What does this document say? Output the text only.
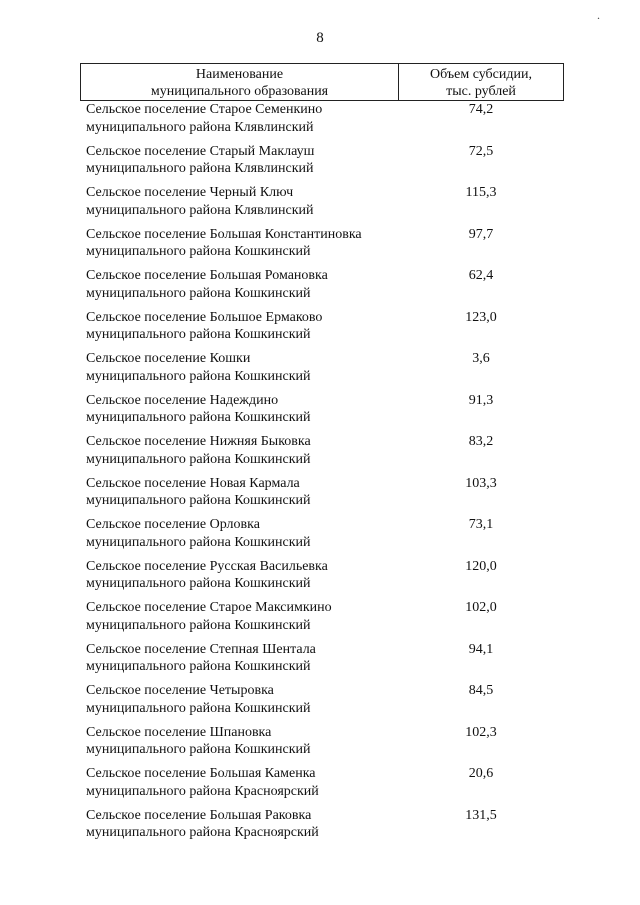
.
8
Наименование
муниципального образования
Объем субсидии,
тыс. рублей
Сельское поселение Старое Семенкино
муниципального района Клявлинский
74,2
Сельское поселение Старый Маклауш
муниципального района Клявлинский
72,5
Сельское поселение Черный Ключ
муниципального района Клявлинский
115,3
Сельское поселение Большая Константиновка
муниципального района Кошкинский
97,7
Сельское поселение Большая Романовка
муниципального района Кошкинский
62,4
Сельское поселение Большое Ермаково
муниципального района Кошкинский
123,0
Сельское поселение Кошки
муниципального района Кошкинский
3,6
Сельское поселение Надеждино
муниципального района Кошкинский
91,3
Сельское поселение Нижняя Быковка
муниципального района Кошкинский
83,2
Сельское поселение Новая Кармала
муниципального района Кошкинский
103,3
Сельское поселение Орловка
муниципального района Кошкинский
73,1
Сельское поселение Русская Васильевка
муниципального района Кошкинский
120,0
Сельское поселение Старое Максимкино
муниципального района Кошкинский
102,0
Сельское поселение Степная Шентала
муниципального района Кошкинский
94,1
Сельское поселение Четыровка
муниципального района Кошкинский
84,5
Сельское поселение Шпановка
муниципального района Кошкинский
102,3
Сельское поселение Большая Каменка
муниципального района Красноярский
20,6
Сельское поселение Большая Раковка
муниципального района Красноярский
131,5
